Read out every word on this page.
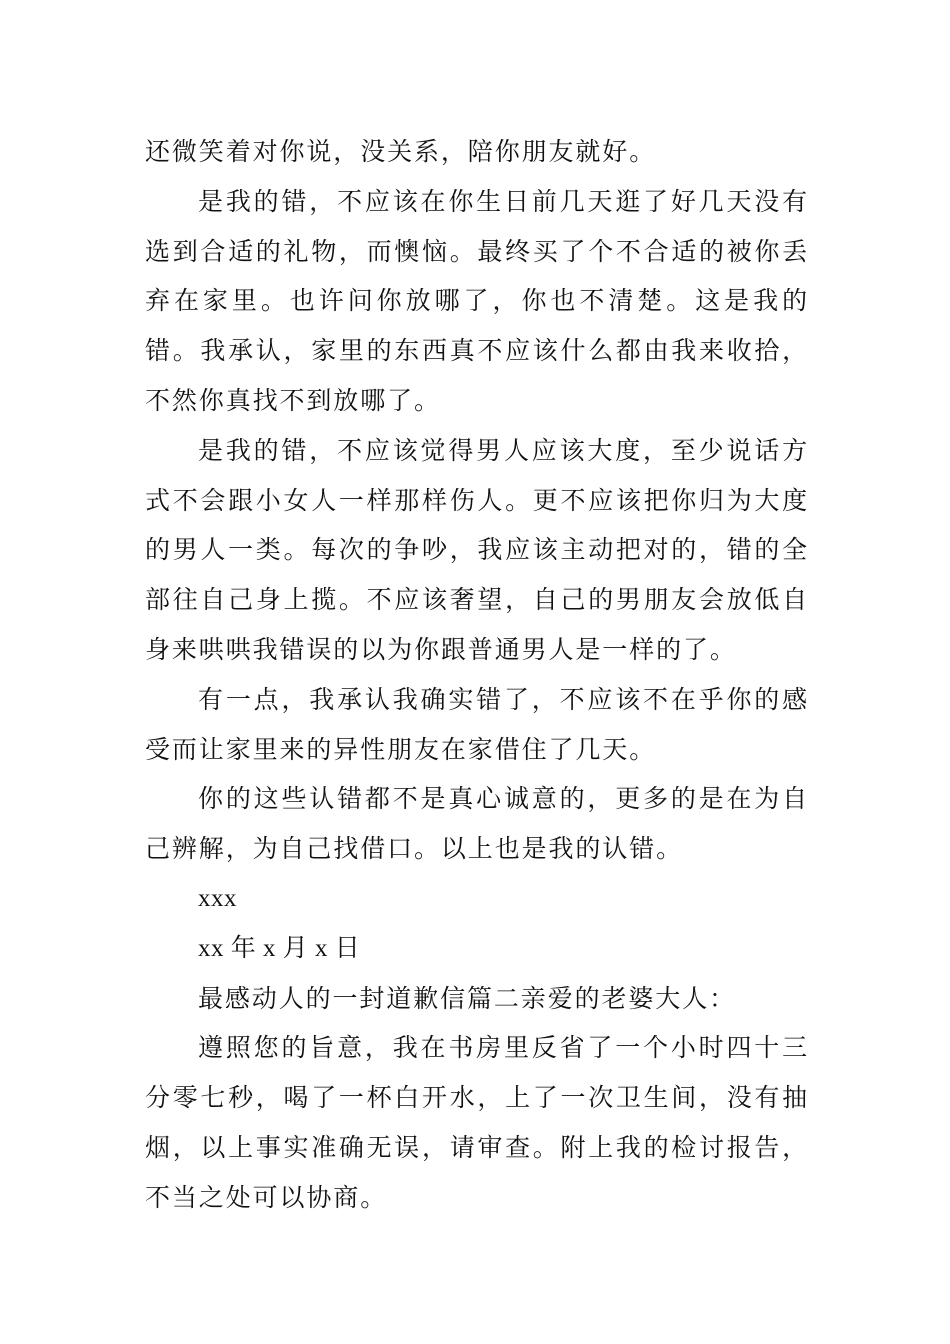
还微笑着对你说，没关系，陪你朋友就好。

是我的错，不应该在你生日前几天逛了好几天没有选到合适的礼物，而懊恼。最终买了个不合适的被你丢弃在家里。也许问你放哪了，你也不清楚。这是我的错。我承认，家里的东西真不应该什么都由我来收拾，不然你真找不到放哪了。

是我的错，不应该觉得男人应该大度，至少说话方式不会跟小女人一样那样伤人。更不应该把你归为大度的男人一类。每次的争吵，我应该主动把对的，错的全部往自己身上揽。不应该奢望，自己的男朋友会放低自身来哄哄我错误的以为你跟普通男人是一样的了。

有一点，我承认我确实错了，不应该不在乎你的感受而让家里来的异性朋友在家借住了几天。

你的这些认错都不是真心诚意的，更多的是在为自己辨解，为自己找借口。以上也是我的认错。

xxx

xx 年 x 月 x 日

最感动人的一封道歉信篇二亲爱的老婆大人：

遵照您的旨意，我在书房里反省了一个小时四十三分零七秒，喝了一杯白开水，上了一次卫生间，没有抽烟，以上事实准确无误，请审查。附上我的检讨报告，不当之处可以协商。
